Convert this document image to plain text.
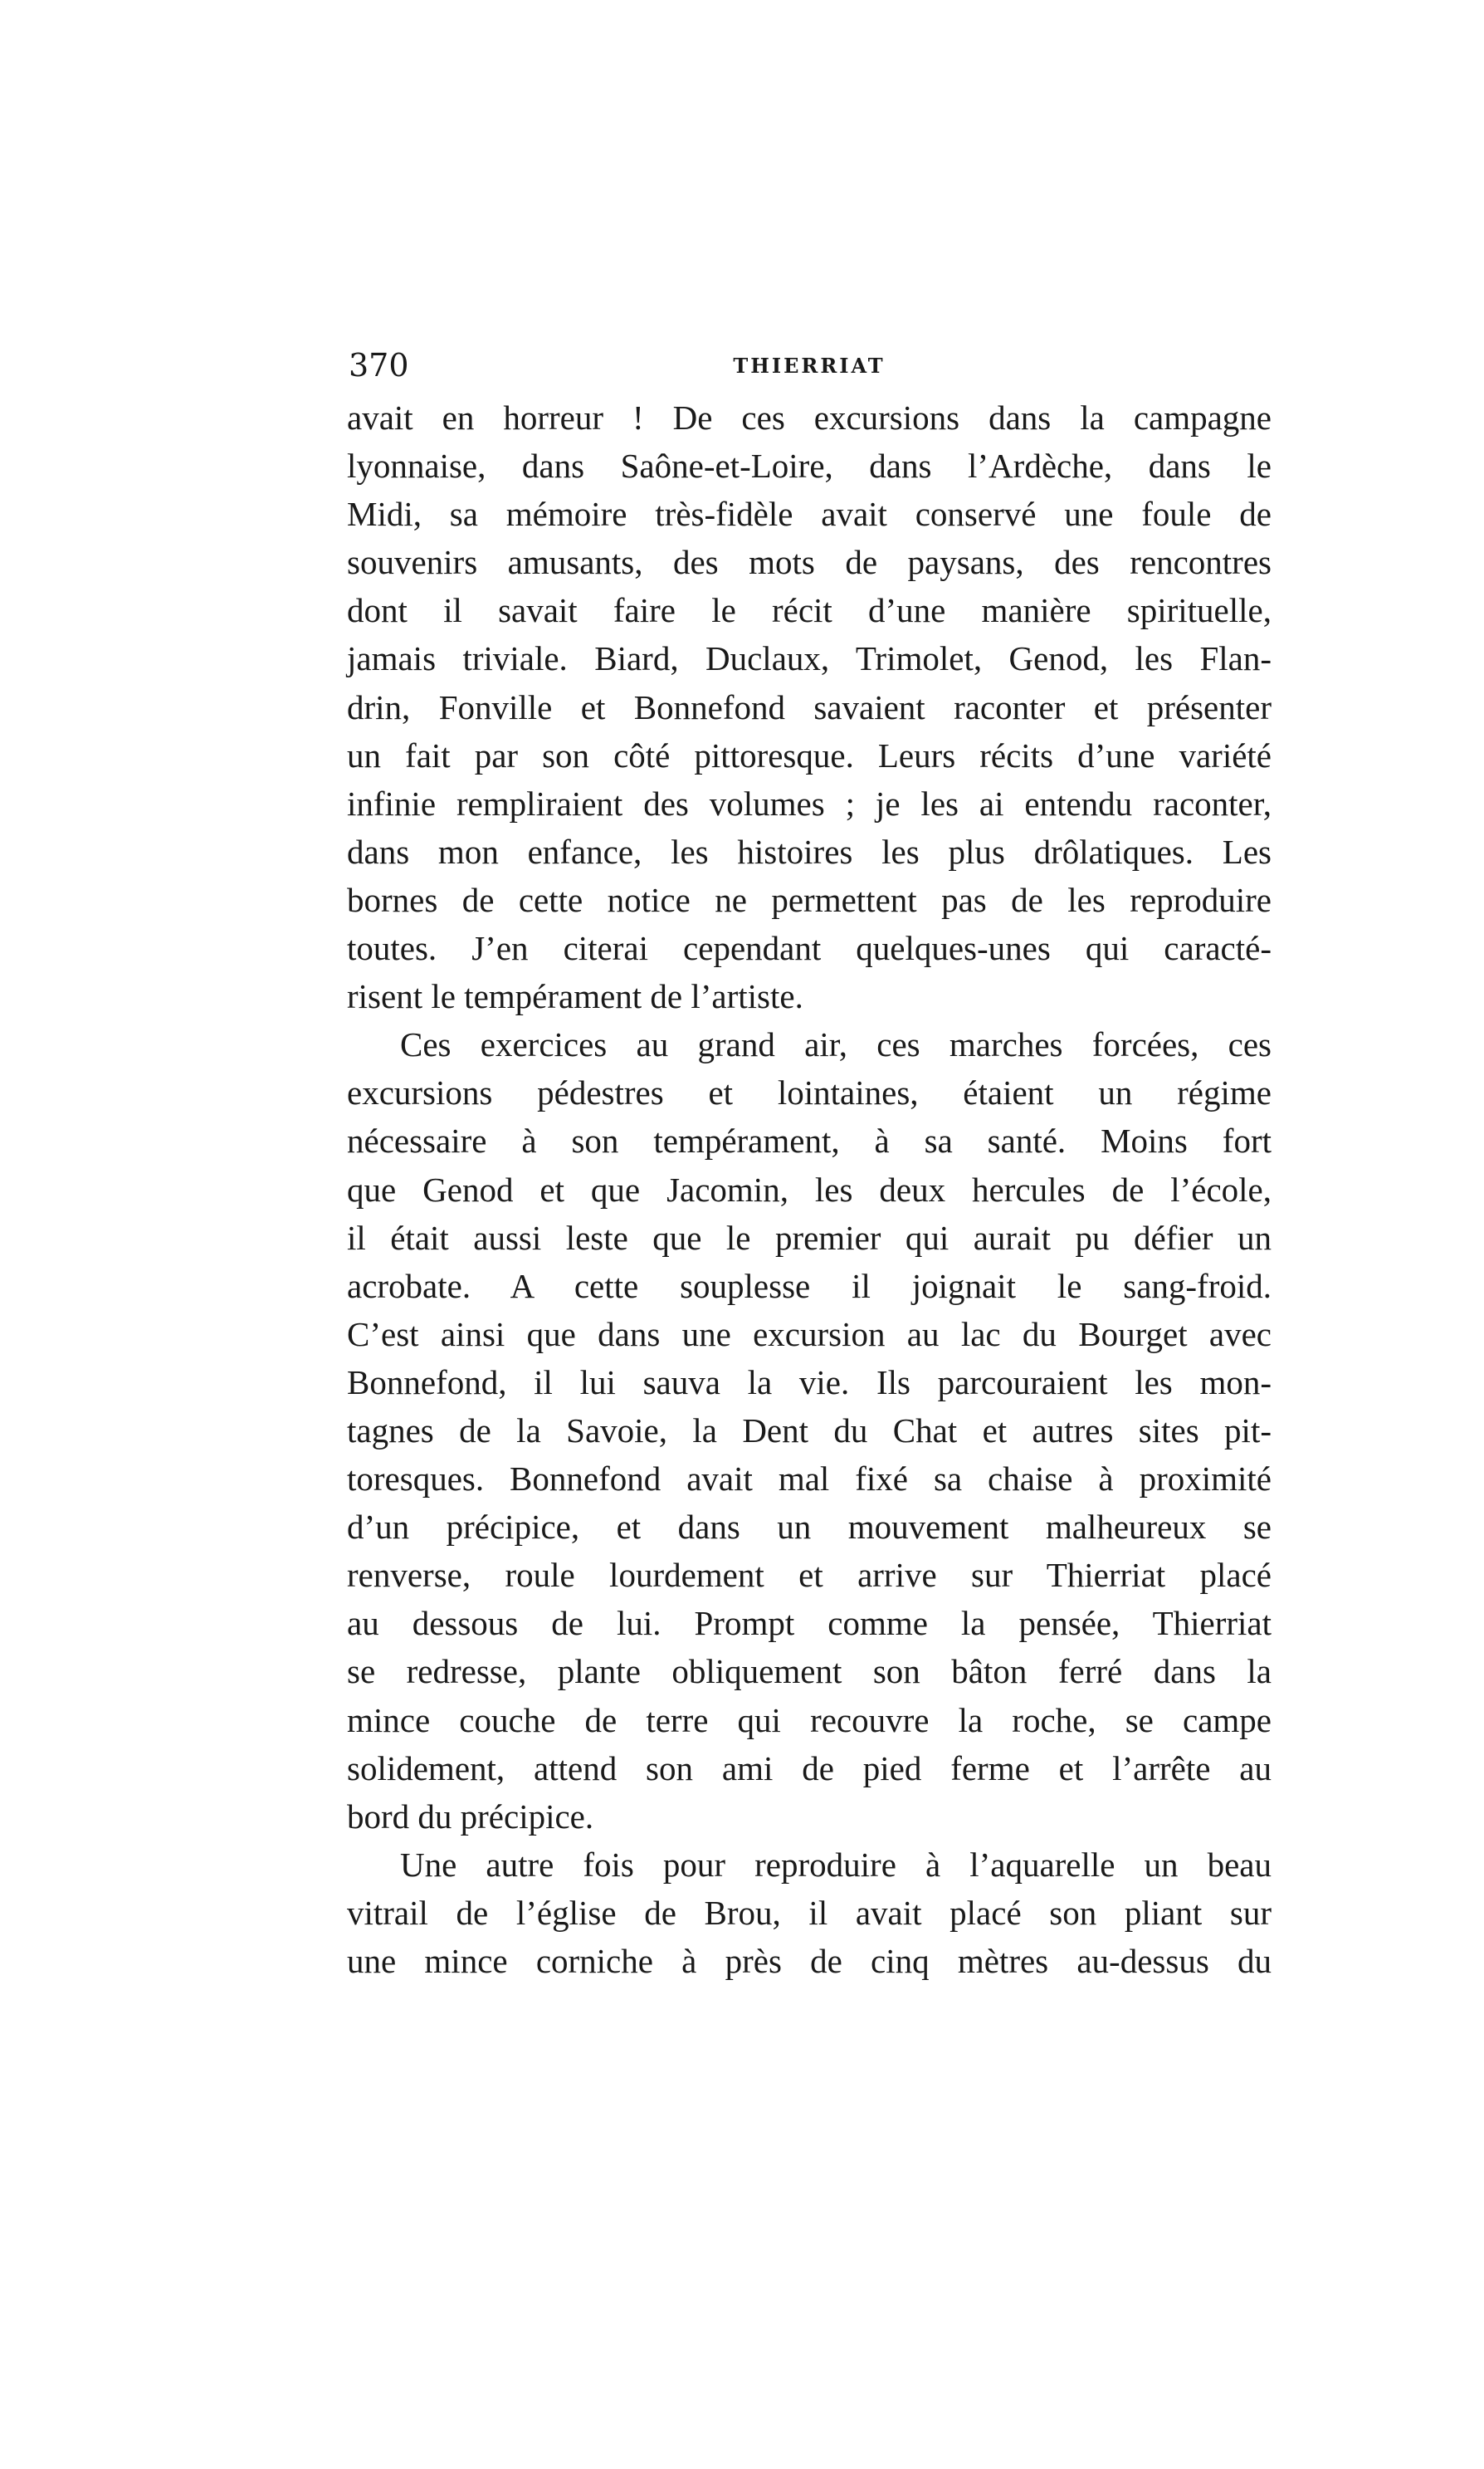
370	THIERRIAT
avait en horreur ! De ces excursions dans la campagne
lyonnaise, dans Saône-et-Loire, dans l’Ardèche, dans le
Midi, sa mémoire très-fidèle avait conservé une foule de
souvenirs amusants, des mots de paysans, des rencontres
dont il savait faire le récit d’une manière spirituelle,
jamais triviale. Biard, Duclaux, Trimolet, Genod, les Flan-
drin, Fonville et Bonnefond savaient raconter et présenter
un fait par son côté pittoresque. Leurs récits d’une variété
infinie rempliraient des volumes ; je les ai entendu raconter,
dans mon enfance, les histoires les plus drôlatiques. Les
bornes de cette notice ne permettent pas de les reproduire
toutes. J’en citerai cependant quelques-unes qui caracté-
risent le tempérament de l’artiste.
Ces exercices au grand air, ces marches forcées, ces
excursions pédestres et lointaines, étaient un régime
nécessaire à son tempérament, à sa santé. Moins fort
que Genod et que Jacomin, les deux hercules de l’école,
il était aussi leste que le premier qui aurait pu défier un
acrobate. A cette souplesse il joignait le sang-froid.
C’est ainsi que dans une excursion au lac du Bourget avec
Bonnefond, il lui sauva la vie. Ils parcouraient les mon-
tagnes de la Savoie, la Dent du Chat et autres sites pit-
toresques. Bonnefond avait mal fixé sa chaise à proximité
d’un précipice, et dans un mouvement malheureux se
renverse, roule lourdement et arrive sur Thierriat placé
au dessous de lui. Prompt comme la pensée, Thierriat
se redresse, plante obliquement son bâton ferré dans la
mince couche de terre qui recouvre la roche, se campe
solidement, attend son ami de pied ferme et l’arrête au
bord du précipice.
Une autre fois pour reproduire à l’aquarelle un beau
vitrail de l’église de Brou, il avait placé son pliant sur
une mince corniche à près de cinq mètres au-dessus du
